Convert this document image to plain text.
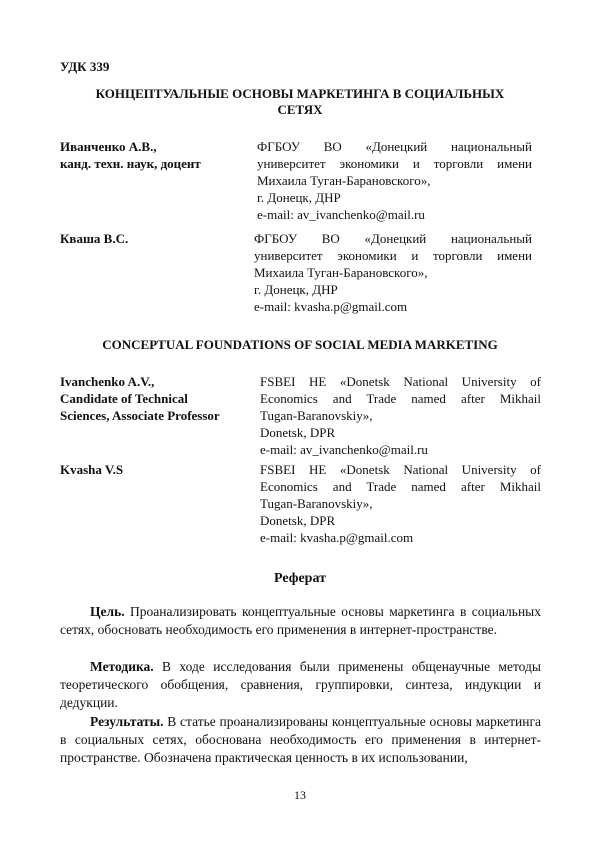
УДК 339
КОНЦЕПТУАЛЬНЫЕ ОСНОВЫ МАРКЕТИНГА В СОЦИАЛЬНЫХ
СЕТЯХ
Иванченко А.В.,
канд. техн. наук, доцент
ФГБОУ ВО «Донецкий национальный
университет экономики и торговли имени
Михаила Туган-Барановского»,
г. Донецк, ДНР
e-mail: av_ivanchenko@mail.ru
Кваша В.С.	ФГБОУ ВО «Донецкий национальный
университет экономики и торговли имени
Михаила Туган-Барановского»,
г. Донецк, ДНР
e-mail: kvasha.p@gmail.com
CONCEPTUAL FOUNDATIONS OF SOCIAL MEDIA MARKETING
Ivanchenko A.V.,
Candidate of Technical
Sciences, Associate Professor
FSBEI HE «Donetsk National University of
Economics and Trade named after Mikhail
Tugan-Baranovskiy»,
Donetsk, DPR
e-mail: av_ivanchenko@mail.ru
Kvasha V.S	FSBEI HE «Donetsk National University of
Economics and Trade named after Mikhail
Tugan-Baranovskiy»,
Donetsk, DPR
e-mail: kvasha.p@gmail.com
Реферат
Цель. Проанализировать концептуальные основы маркетинга в социальных сетях, обосновать необходимость его применения в интернет-пространстве.
Методика. В ходе исследования были применены общенаучные методы теоретического обобщения, сравнения, группировки, синтеза, индукции и дедукции.
Результаты. В статье проанализированы концептуальные основы маркетинга в социальных сетях, обоснована необходимость его применения в интернет-пространстве. Обозначена практическая ценность в их использовании,
13
